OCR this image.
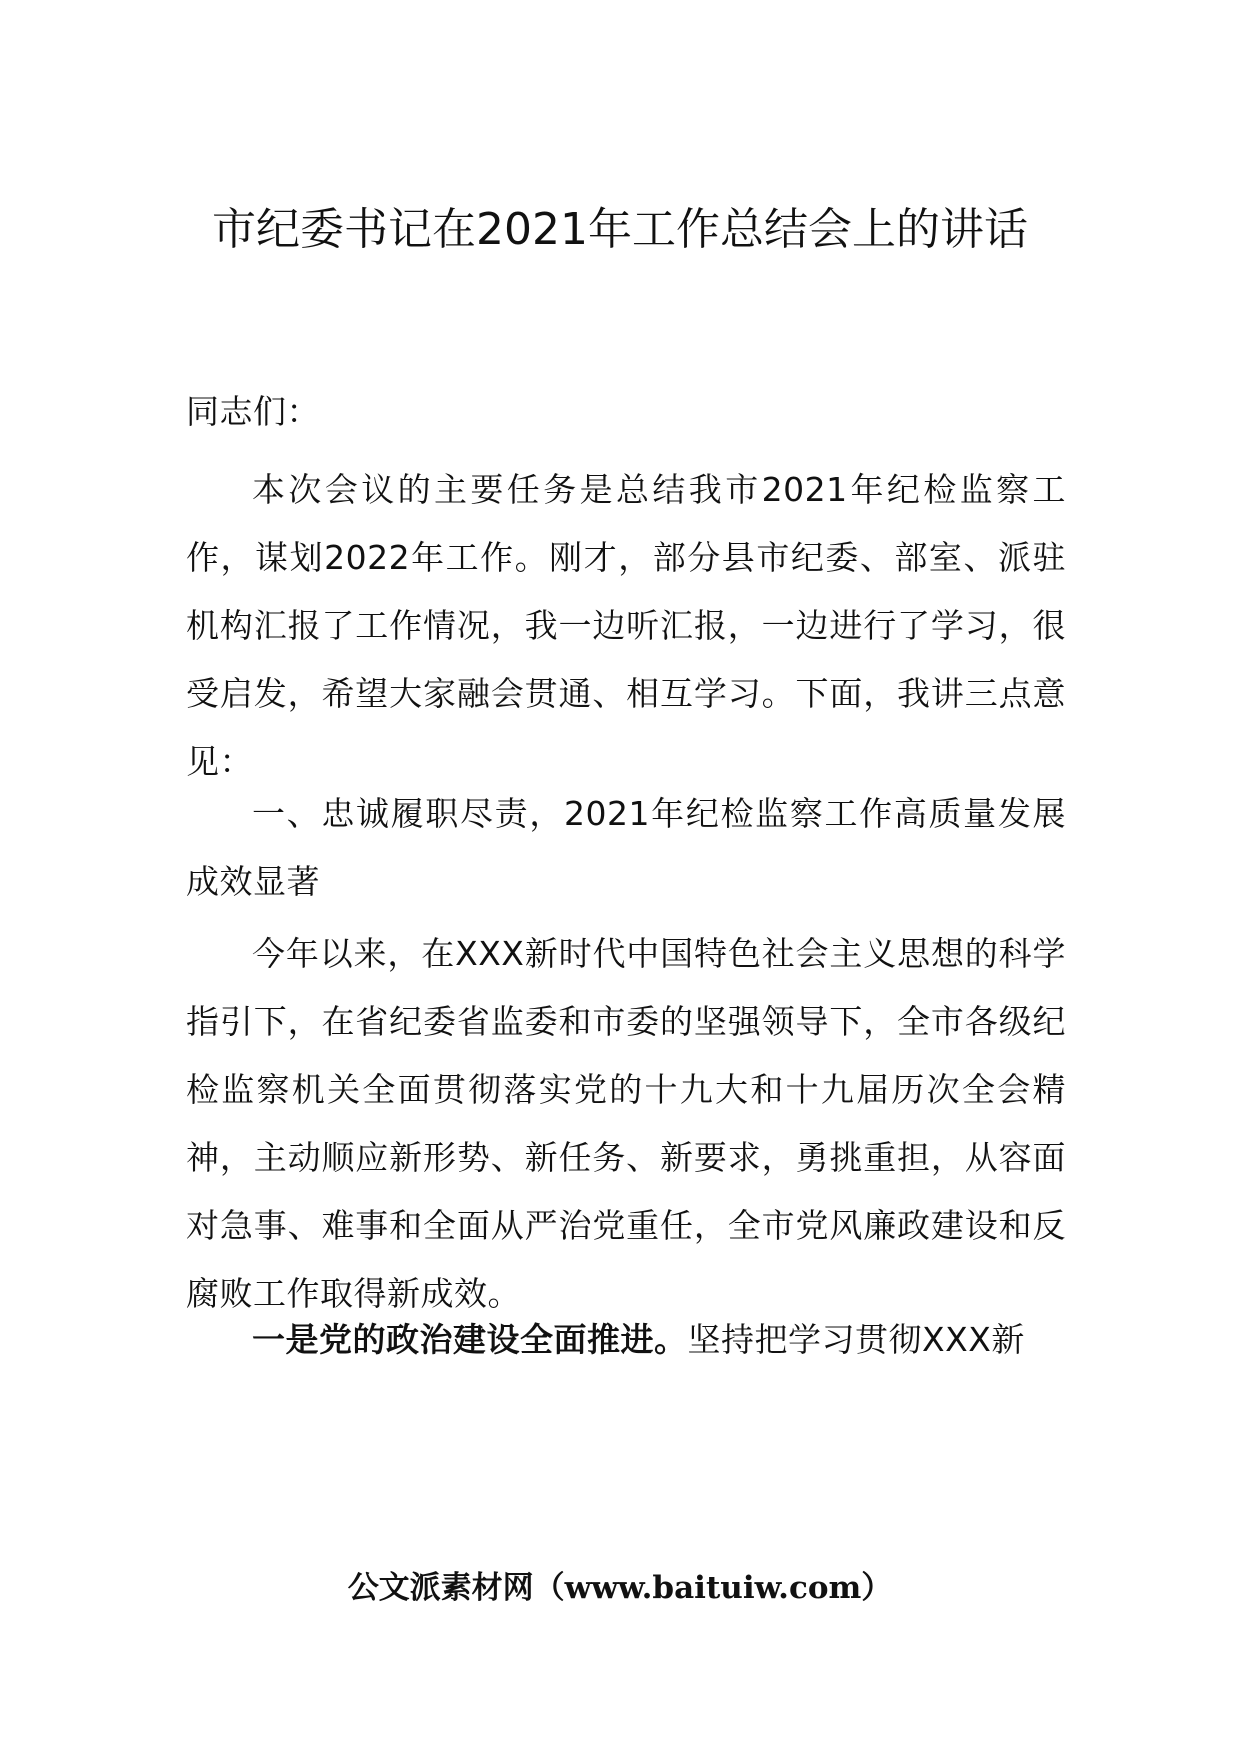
市纪委书记在2021年工作总结会上的讲话

同志们：

本次会议的主要任务是总结我市2021年纪检监察工作，谋划2022年工作。刚才，部分县市纪委、部室、派驻机构汇报了工作情况，我一边听汇报，一边进行了学习，很受启发，希望大家融会贯通、相互学习。下面，我讲三点意见：

一、忠诚履职尽责，2021年纪检监察工作高质量发展成效显著

今年以来，在XXX新时代中国特色社会主义思想的科学指引下，在省纪委省监委和市委的坚强领导下，全市各级纪检监察机关全面贯彻落实党的十九大和十九届历次全会精神，主动顺应新形势、新任务、新要求，勇挑重担，从容面对急事、难事和全面从严治党重任，全市党风廉政建设和反腐败工作取得新成效。

一是党的政治建设全面推进。坚持把学习贯彻XXX新

公文派素材网（www.baituiw.com）
